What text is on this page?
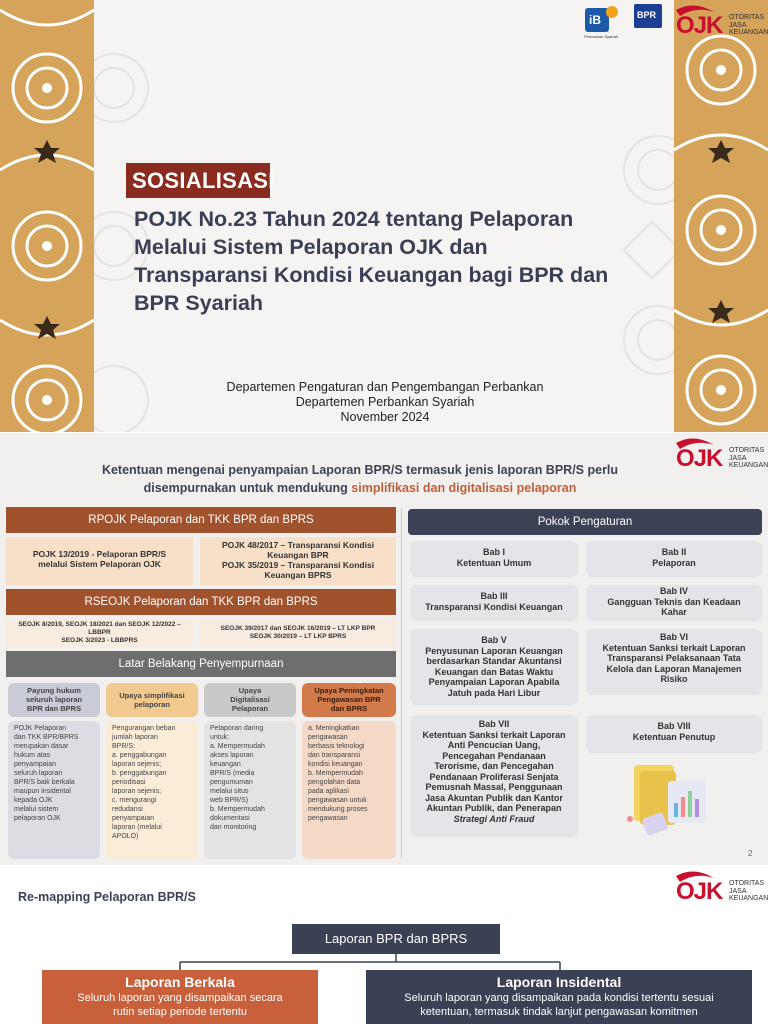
iB
Perbankan Syariah
BPR OJK OTORITAS
JASA
KEUANGAN
SOSIALISASI
POJK No.23 Tahun 2024 tentang Pelaporan
Melalui Sistem Pelaporan OJK dan
Transparansi Kondisi Keuangan bagi BPR dan
BPR Syariah
Departemen Pengaturan dan Pengembangan Perbankan
Departemen Perbankan Syariah
November 2024
OJK OTORITAS
JASA
KEUANGAN
Ketentuan mengenai penyampaian Laporan BPR/S termasuk jenis laporan BPR/S perlu
disempurnakan untuk mendukung simplifikasi dan digitalisasi pelaporan
RPOJK Pelaporan dan TKK BPR dan BPRS
POJK 13/2019 - Pelaporan BPR/S
melalui Sistem Pelaporan OJK
POJK 48/2017 – Transparansi Kondisi
Keuangan BPR
POJK 35/2019 – Transparansi Kondisi
Keuangan BPRS
RSEOJK Pelaporan dan TKK BPR dan BPRS
SEOJK 8/2019, SEOJK 18/2021 dan SEOJK 12/2022 –
LBBPR
SEOJK 3/2023 - LBBPRS
SEOJK 39/2017 dan SEOJK 16/2019 – LT LKP BPR
SEOJK 30/2019 – LT LKP BPRS
Latar Belakang Penyempurnaan
Payung hukum
seluruh laporan
BPR dan BPRS
Upaya simplifikasi
pelaporan
Upaya
Digitalisasi
Pelaporan
Upaya Peningkatan
Pengawasan BPR
dan BPRS
POJK Pelaporan
dan TKK BPR/BPRS
merupakan dasar
hukum atas
penyampaian
seluruh laporan
BPR/S baik berkala
maupun insidental
kepada OJK
melalui sistem
pelaporan OJK
Pengurangan beban
jumlah laporan
BPR/S:
a. penggabungan
laporan sejenis;
b. penggabungan
periodisasi
laporan sejenis;
c. mengurangi
redudansi
penyampaian
laporan (melalui
APOLO)
Pelaporan daring
untuk:
a. Mempermudah
akses laporan
keuangan
BPR/S (media
pengumuman
melalui situs
web BPR/S)
b. Mempermudah
dokumentasi
dan monitoring
a. Meningkatkan
pengawasan
berbasis teknologi
dan transparansi
kondisi keuangan
b. Mempermudah
pengolahan data
pada aplikasi
pengawasan untuk
mendukung proses
pengawasan
Pokok Pengaturan
Bab I
Ketentuan Umum
Bab II
Pelaporan
Bab III
Transparansi Kondisi Keuangan
Bab IV
Gangguan Teknis dan Keadaan
Kahar
Bab V
Penyusunan Laporan Keuangan
berdasarkan Standar Akuntansi
Keuangan dan Batas Waktu
Penyampaian Laporan Apabila
Jatuh pada Hari Libur
Bab VI
Ketentuan Sanksi terkait Laporan
Transparansi Pelaksanaan Tata
Kelola dan Laporan Manajemen
Risiko
Bab VII
Ketentuan Sanksi terkait Laporan
Anti Pencucian Uang,
Pencegahan Pendanaan
Terorisme, dan Pencegahan
Pendanaan Proliferasi Senjata
Pemusnah Massal, Penggunaan
Jasa Akuntan Publik dan Kantor
Akuntan Publik, dan Penerapan
Strategi Anti Fraud
Bab VIII
Ketentuan Penutup
2
OJK OTORITAS
JASA
KEUANGAN
Re-mapping Pelaporan BPR/S
Laporan BPR dan BPRS
Laporan Berkala
Seluruh laporan yang disampaikan secara
rutin setiap periode tertentu
Laporan Insidental
Seluruh laporan yang disampaikan pada kondisi tertentu sesuai
ketentuan, termasuk tindak lanjut pengawasan komitmen
